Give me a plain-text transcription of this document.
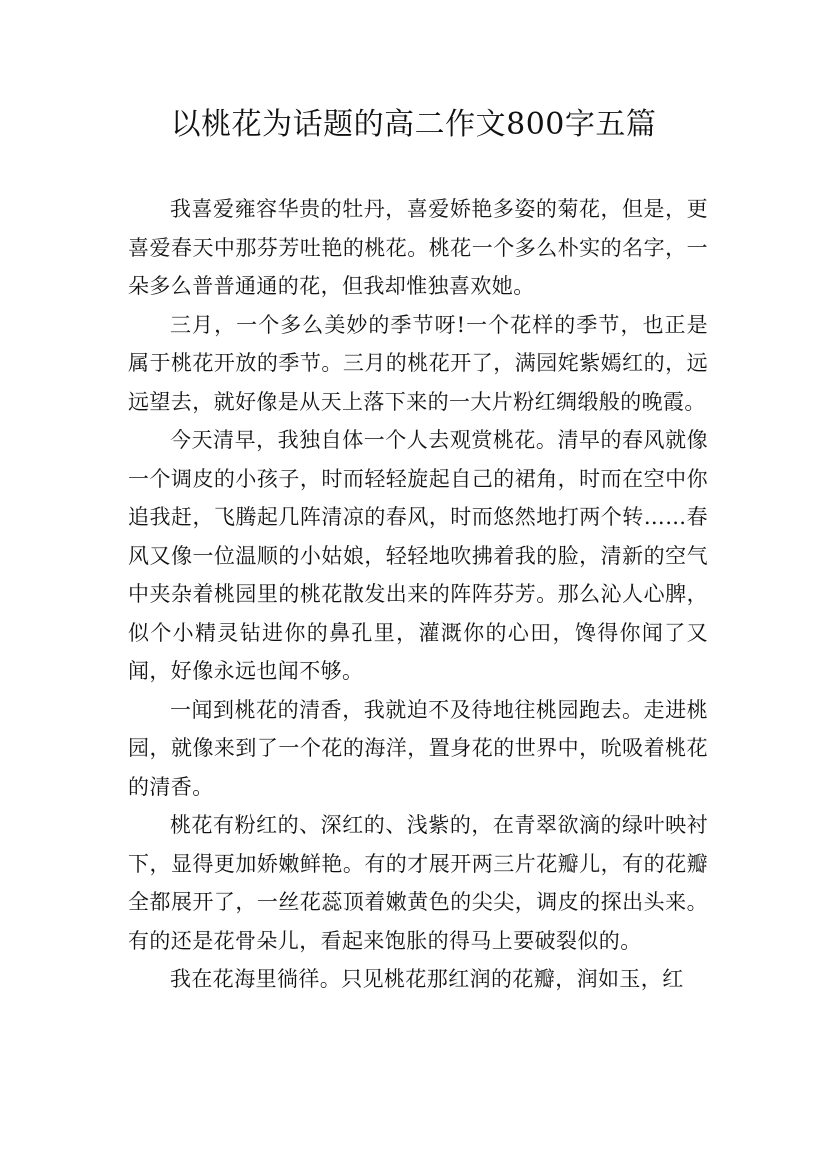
以桃花为话题的高二作文800字五篇

我喜爱雍容华贵的牡丹，喜爱娇艳多姿的菊花，但是，更喜爱春天中那芬芳吐艳的桃花。桃花一个多么朴实的名字，一朵多么普普通通的花，但我却惟独喜欢她。

三月，一个多么美妙的季节呀!一个花样的季节，也正是属于桃花开放的季节。三月的桃花开了，满园姹紫嫣红的，远远望去，就好像是从天上落下来的一大片粉红绸缎般的晚霞。

今天清早，我独自体一个人去观赏桃花。清早的春风就像一个调皮的小孩子，时而轻轻旋起自己的裙角，时而在空中你追我赶，飞腾起几阵清凉的春风，时而悠然地打两个转……春风又像一位温顺的小姑娘，轻轻地吹拂着我的脸，清新的空气中夹杂着桃园里的桃花散发出来的阵阵芬芳。那么沁人心脾，似个小精灵钻进你的鼻孔里，灌溉你的心田，馋得你闻了又闻，好像永远也闻不够。

一闻到桃花的清香，我就迫不及待地往桃园跑去。走进桃园，就像来到了一个花的海洋，置身花的世界中，吮吸着桃花的清香。

桃花有粉红的、深红的、浅紫的，在青翠欲滴的绿叶映衬下，显得更加娇嫩鲜艳。有的才展开两三片花瓣儿，有的花瓣全都展开了，一丝花蕊顶着嫩黄色的尖尖，调皮的探出头来。有的还是花骨朵儿，看起来饱胀的得马上要破裂似的。

我在花海里徜徉。只见桃花那红润的花瓣，润如玉，红
